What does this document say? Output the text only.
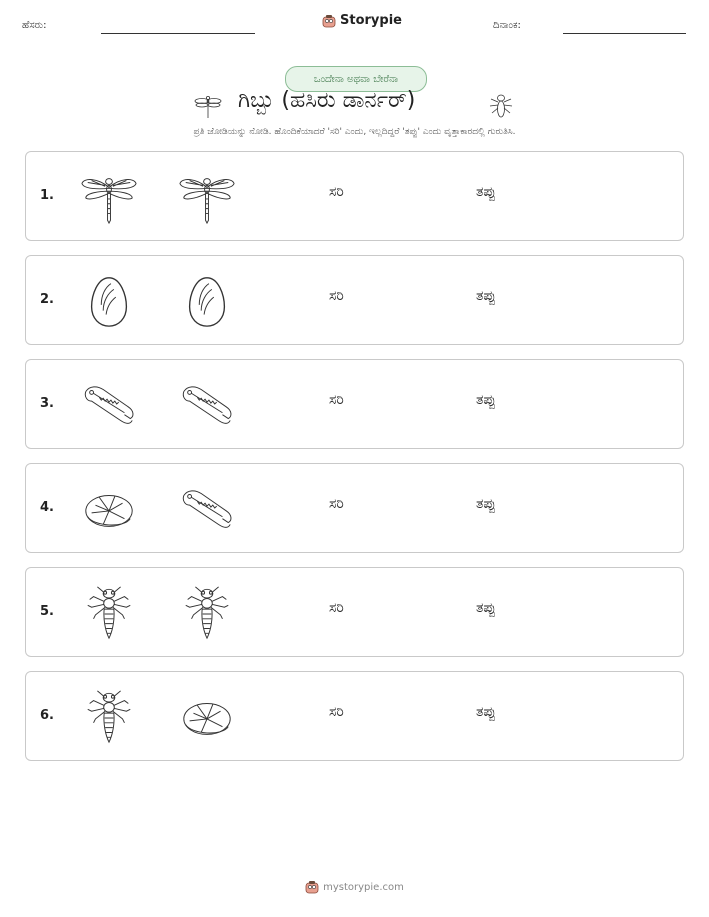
ಹೆಸರು:	Storypie	ದಿನಾಂಕ:
ಒಂದೇನಾ ಅಥವಾ ಬೇರೆನಾ
ಗಿಬ್ಬು (ಹಸಿರು ಡಾರ್ನರ್)
ಪ್ರತಿ ಜೋಡಿಯನ್ನು ನೋಡಿ. ಹೊಂದಿಕೆಯಾದರೆ 'ಸರಿ' ಎಂದು, ಇಲ್ಲದಿದ್ದರೆ 'ತಪ್ಪು' ಎಂದು ವೃತ್ತಾಕಾರದಲ್ಲಿ ಗುರುತಿಸಿ.
1.	ಸರಿ	ತಪ್ಪು
2.	ಸರಿ	ತಪ್ಪು
3.	ಸರಿ	ತಪ್ಪು
4.	ಸರಿ	ತಪ್ಪು
5.	ಸರಿ	ತಪ್ಪು
6.	ಸರಿ	ತಪ್ಪು
mystorypie.com
